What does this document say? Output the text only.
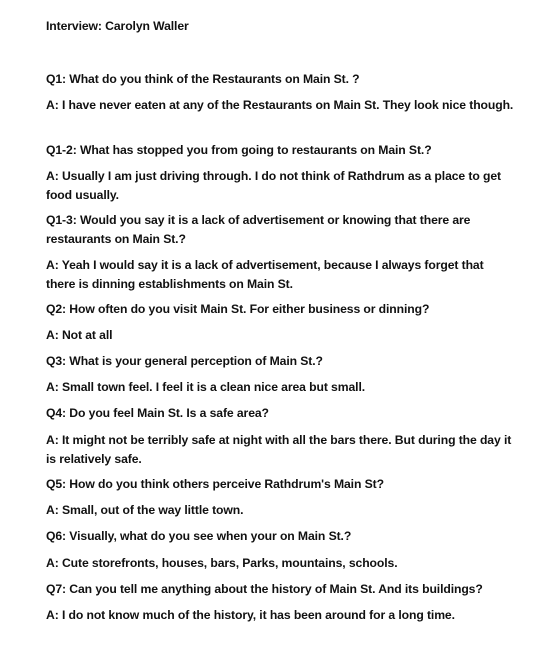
Interview: Carolyn Waller
Q1: What do you think of the Restaurants on Main St. ?
A: I have never eaten at any of the Restaurants on Main St. They look nice though.
Q1-2: What has stopped you from going to restaurants on Main St.?
A: Usually I am just driving through. I do not think of Rathdrum as a place to get food usually.
Q1-3: Would you say it is a lack of advertisement or knowing that there are restaurants on Main St.?
A: Yeah I would say it is a lack of advertisement, because I always forget that there is dinning establishments on Main St.
Q2: How often do you visit Main St. For either business or dinning?
A: Not at all
Q3: What is your general perception of Main St.?
A: Small town feel. I feel it is a clean nice area but small.
Q4: Do you feel Main St. Is a safe area?
A: It might not be terribly safe at night with all the bars there. But during the day it is relatively safe.
Q5: How do you think others perceive Rathdrum's Main St?
A: Small, out of the way little town.
Q6: Visually, what do you see when your on Main St.?
A: Cute storefronts, houses, bars, Parks, mountains, schools.
Q7: Can you tell me anything about the history of Main St. And its buildings?
A: I do not know much of the history, it has been around for a long time.
